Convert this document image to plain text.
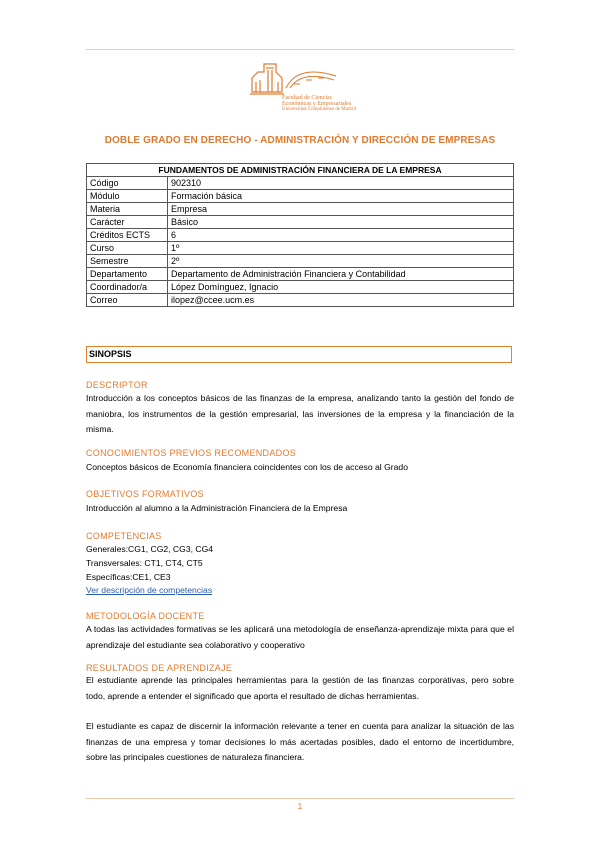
Facultad de Ciencias
Económicas y Empresariales
Universidad Complutense de Madrid
DOBLE GRADO EN DERECHO - ADMINISTRACIÓN Y DIRECCIÓN DE EMPRESAS
FUNDAMENTOS DE ADMINISTRACIÓN FINANCIERA DE LA EMPRESA	
Código	902310
Módulo	Formación básica
Materia	Empresa
Carácter	Básico
Créditos ECTS	6
Curso	1º
Semestre	2º
Departamento	Departamento de Administración Financiera y Contabilidad
Coordinador/a	López Domínguez, Ignacio
Correo	ilopez@ccee.ucm.es
SINOPSIS
DESCRIPTOR
Introducción a los conceptos básicos de las finanzas de la empresa, analizando tanto la gestión del fondo de maniobra, los instrumentos de la gestión empresarial, las inversiones de la empresa y la financiación de la misma.
CONOCIMIENTOS PREVIOS RECOMENDADOS
Conceptos básicos de Economía financiera coincidentes con los de acceso al Grado
OBJETIVOS FORMATIVOS
Introducción al alumno a la Administración Financiera de la Empresa
COMPETENCIAS
Generales:CG1, CG2, CG3, CG4
Transversales: CT1, CT4, CT5
Específicas:CE1, CE3
Ver descripción de competencias
METODOLOGÍA DOCENTE
A todas las actividades formativas se les aplicará una metodología de enseñanza-aprendizaje mixta para que el aprendizaje del estudiante sea colaborativo y cooperativo
RESULTADOS DE APRENDIZAJE
El estudiante aprende las principales herramientas para la gestión de las finanzas corporativas, pero sobre todo, aprende a entender el significado que aporta el resultado de dichas herramientas.
El estudiante es capaz de discernir la información relevante a tener en cuenta para analizar la situación de las finanzas de una empresa y tomar decisiones lo más acertadas posibles, dado el entorno de incertidumbre, sobre las principales cuestiones de naturaleza financiera.
1
